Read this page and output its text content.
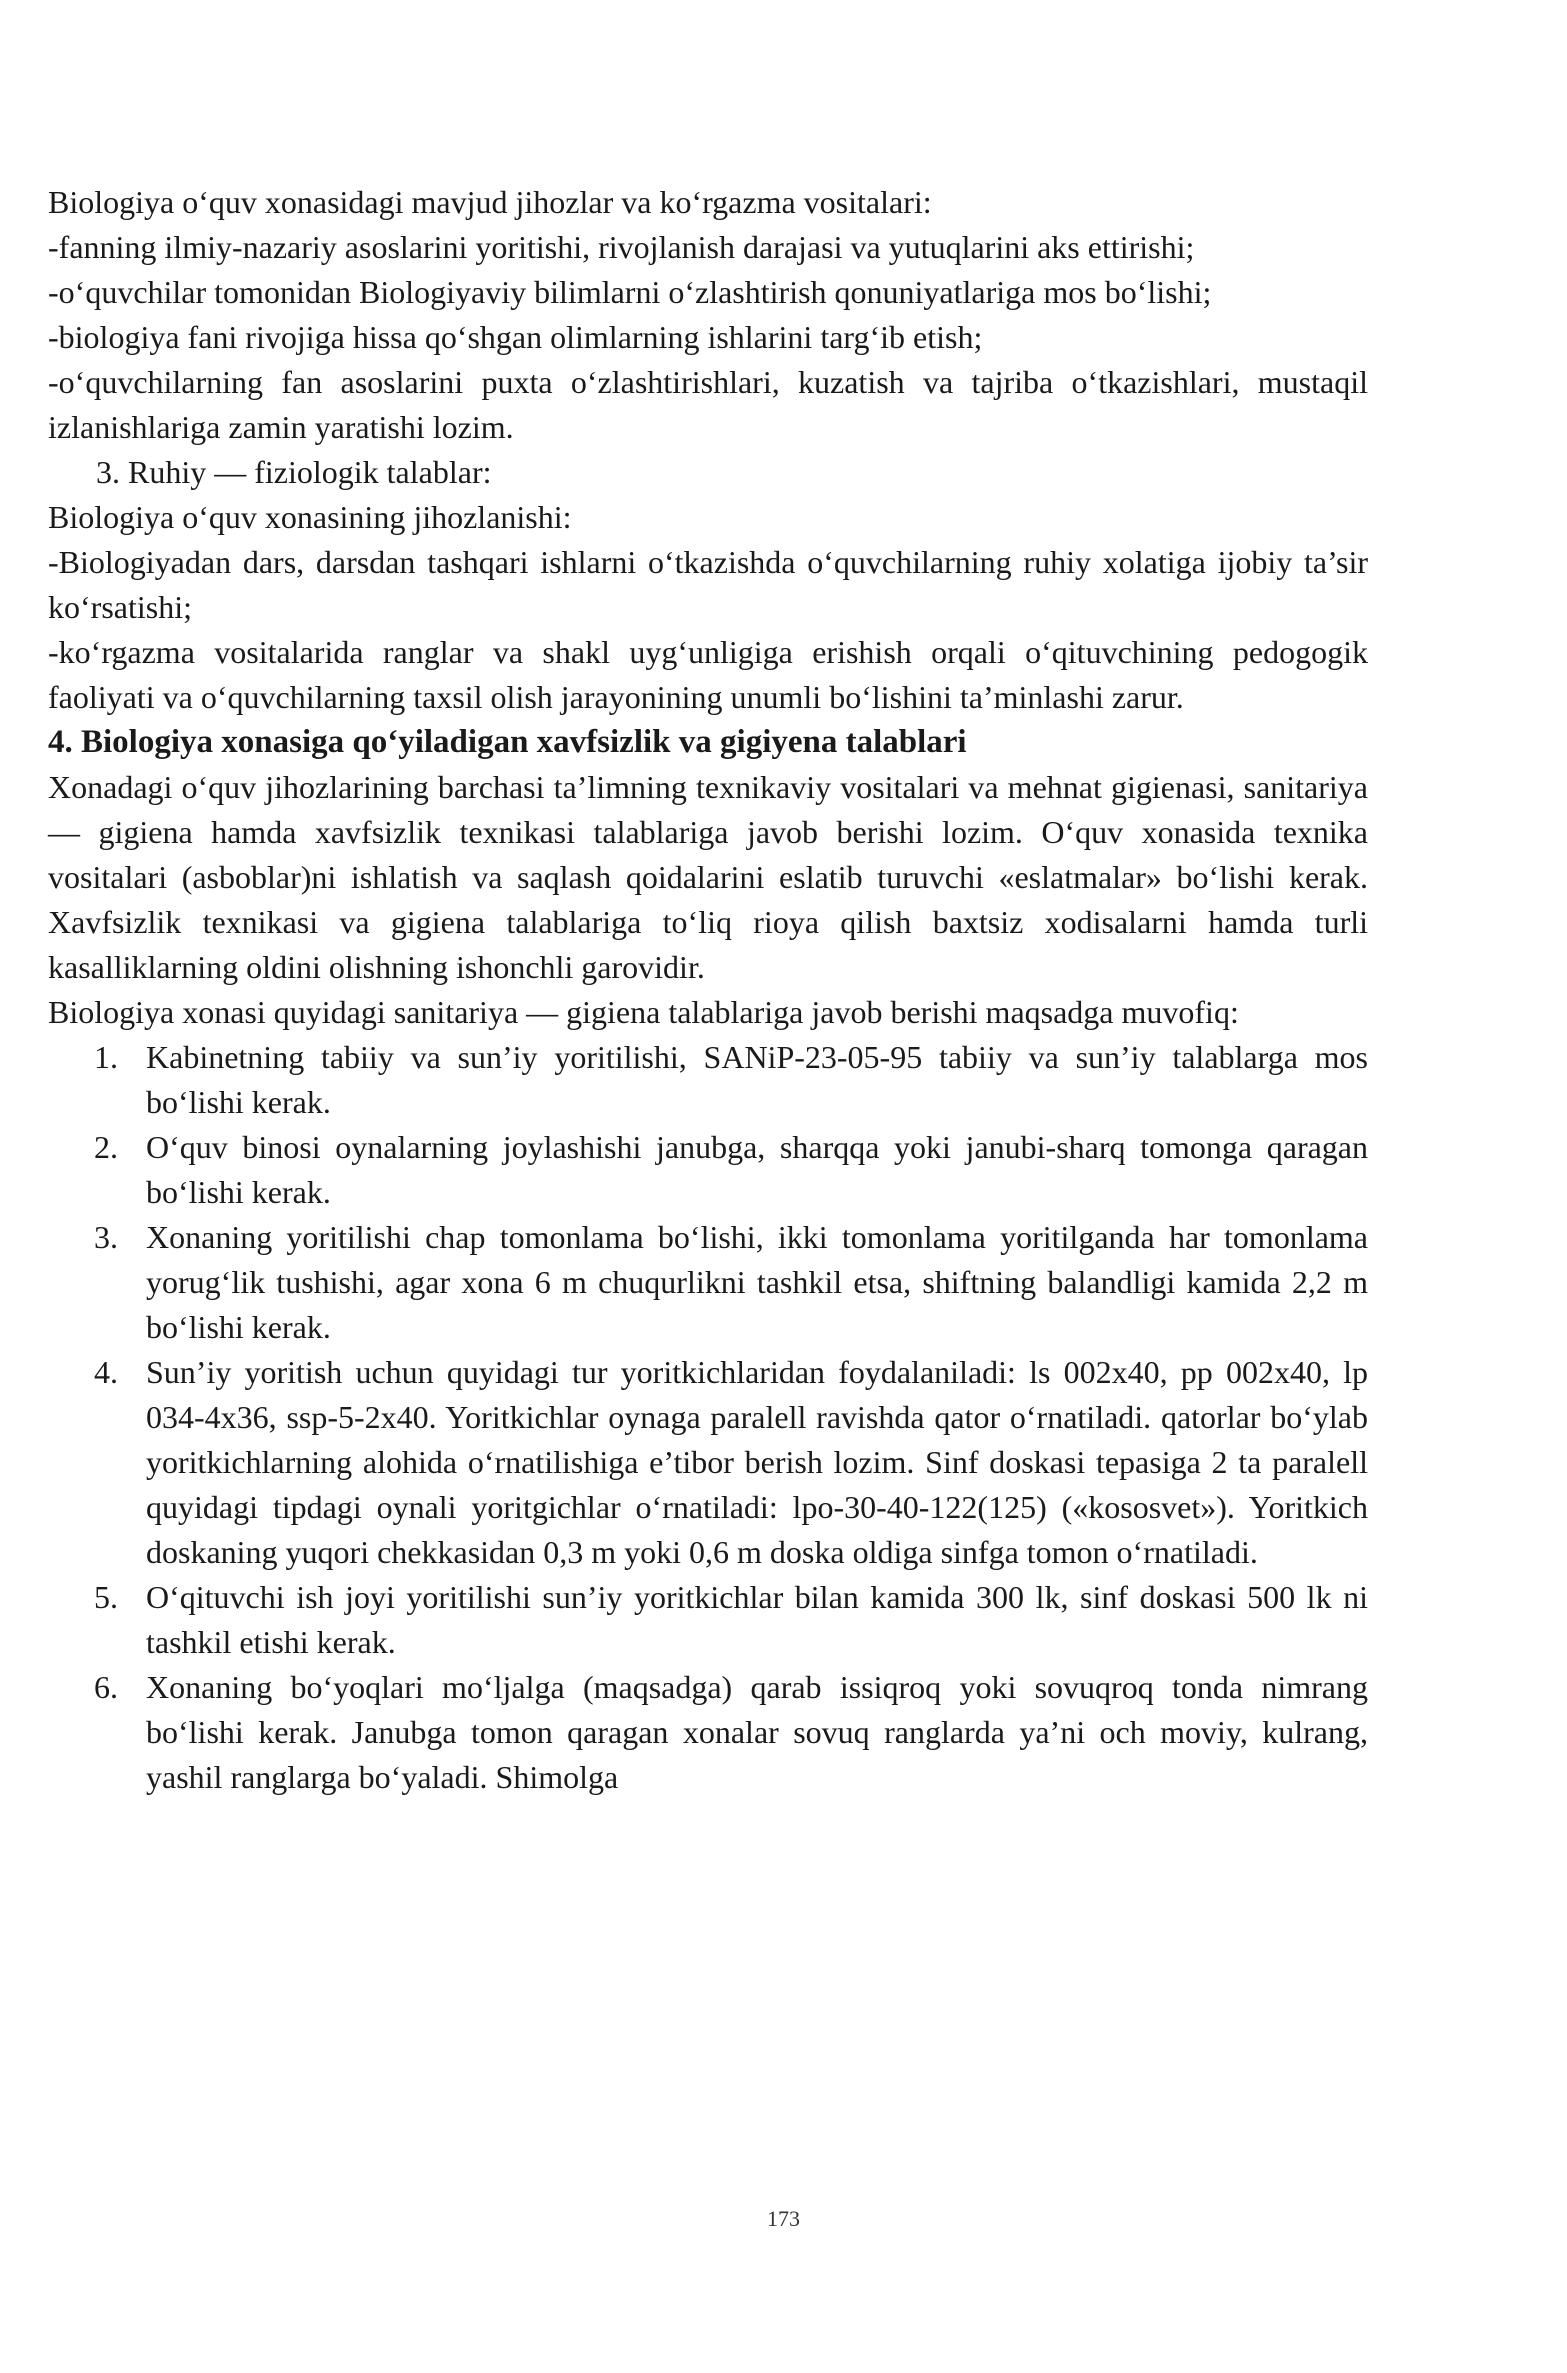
Biologiya o‘quv xonasidagi mavjud jihozlar va ko‘rgazma vositalari:

-fanning ilmiy-nazariy asoslarini yoritishi, rivojlanish darajasi va yutuqlarini aks ettirishi;

-o‘quvchilar tomonidan Biologiyaviy bilimlarni o‘zlashtirish qonuniyatlariga mos bo‘lishi;

-biologiya fani rivojiga hissa qo‘shgan olimlarning ishlarini targ‘ib etish;

-o‘quvchilarning fan asoslarini puxta o‘zlashtirishlari, kuzatish va tajriba o‘tkazishlari, mustaqil izlanishlariga zamin yaratishi lozim.

3. Ruhiy — fiziologik talablar:

Biologiya o‘quv xonasining jihozlanishi:

-Biologiyadan dars, darsdan tashqari ishlarni o‘tkazishda o‘quvchilarning ruhiy xolatiga ijobiy ta’sir ko‘rsatishi;

-ko‘rgazma vositalarida ranglar va shakl uyg‘unligiga erishish orqali o‘qituvchining pedogogik faoliyati va o‘quvchilarning taxsil olish jarayonining unumli bo‘lishini ta’minlashi zarur.

4. Biologiya xonasiga qo‘yiladigan xavfsizlik va gigiyena talablari

Xonadagi o‘quv jihozlarining barchasi ta’limning texnikaviy vositalari va mehnat gigienasi, sanitariya — gigiena hamda xavfsizlik texnikasi talablariga javob berishi lozim. O‘quv xonasida texnika vositalari (asboblar)ni ishlatish va saqlash qoidalarini eslatib turuvchi «eslatmalar» bo‘lishi kerak. Xavfsizlik texnikasi va gigiena talablariga to‘liq rioya qilish baxtsiz xodisalarni hamda turli kasalliklarning oldini olishning ishonchli garovidir.

Biologiya xonasi quyidagi sanitariya — gigiena talablariga javob berishi maqsadga muvofiq:

1. Kabinetning tabiiy va sun’iy yoritilishi, SANiP-23-05-95 tabiiy va sun’iy talablarga mos bo‘lishi kerak.
2. O‘quv binosi oynalarning joylashishi janubga, sharqqa yoki janubi-sharq tomonga qaragan bo‘lishi kerak.
3. Xonaning yoritilishi chap tomonlama bo‘lishi, ikki tomonlama yoritilganda har tomonlama yorug‘lik tushishi, agar xona 6 m chuqurlikni tashkil etsa, shiftning balandligi kamida 2,2 m bo‘lishi kerak.
4. Sun’iy yoritish uchun quyidagi tur yoritkichlaridan foydalaniladi: ls 002x40, pp 002x40, lp 034-4x36, ssp-5-2x40. Yoritkichlar oynaga paralell ravishda qator o‘rnatiladi. qatorlar bo‘ylab yoritkichlarning alohida o‘rnatilishiga e’tibor berish lozim. Sinf doskasi tepasiga 2 ta paralell quyidagi tipdagi oynali yoritgichlar o‘rnatiladi: lpo-30-40-122(125) («kososvet»). Yoritkich doskaning yuqori chekkasidan 0,3 m yoki 0,6 m doska oldiga sinfga tomon o‘rnatiladi.
5. O‘qituvchi ish joyi yoritilishi sun’iy yoritkichlar bilan kamida 300 lk, sinf doskasi 500 lk ni tashkil etishi kerak.
6. Xonaning bo‘yoqlari mo‘ljalga (maqsadga) qarab issiqroq yoki sovuqroq tonda nimrang bo‘lishi kerak. Janubga tomon qaragan xonalar sovuq ranglarda ya’ni och moviy, kulrang, yashil ranglarga bo‘yaladi. Shimolga
173
